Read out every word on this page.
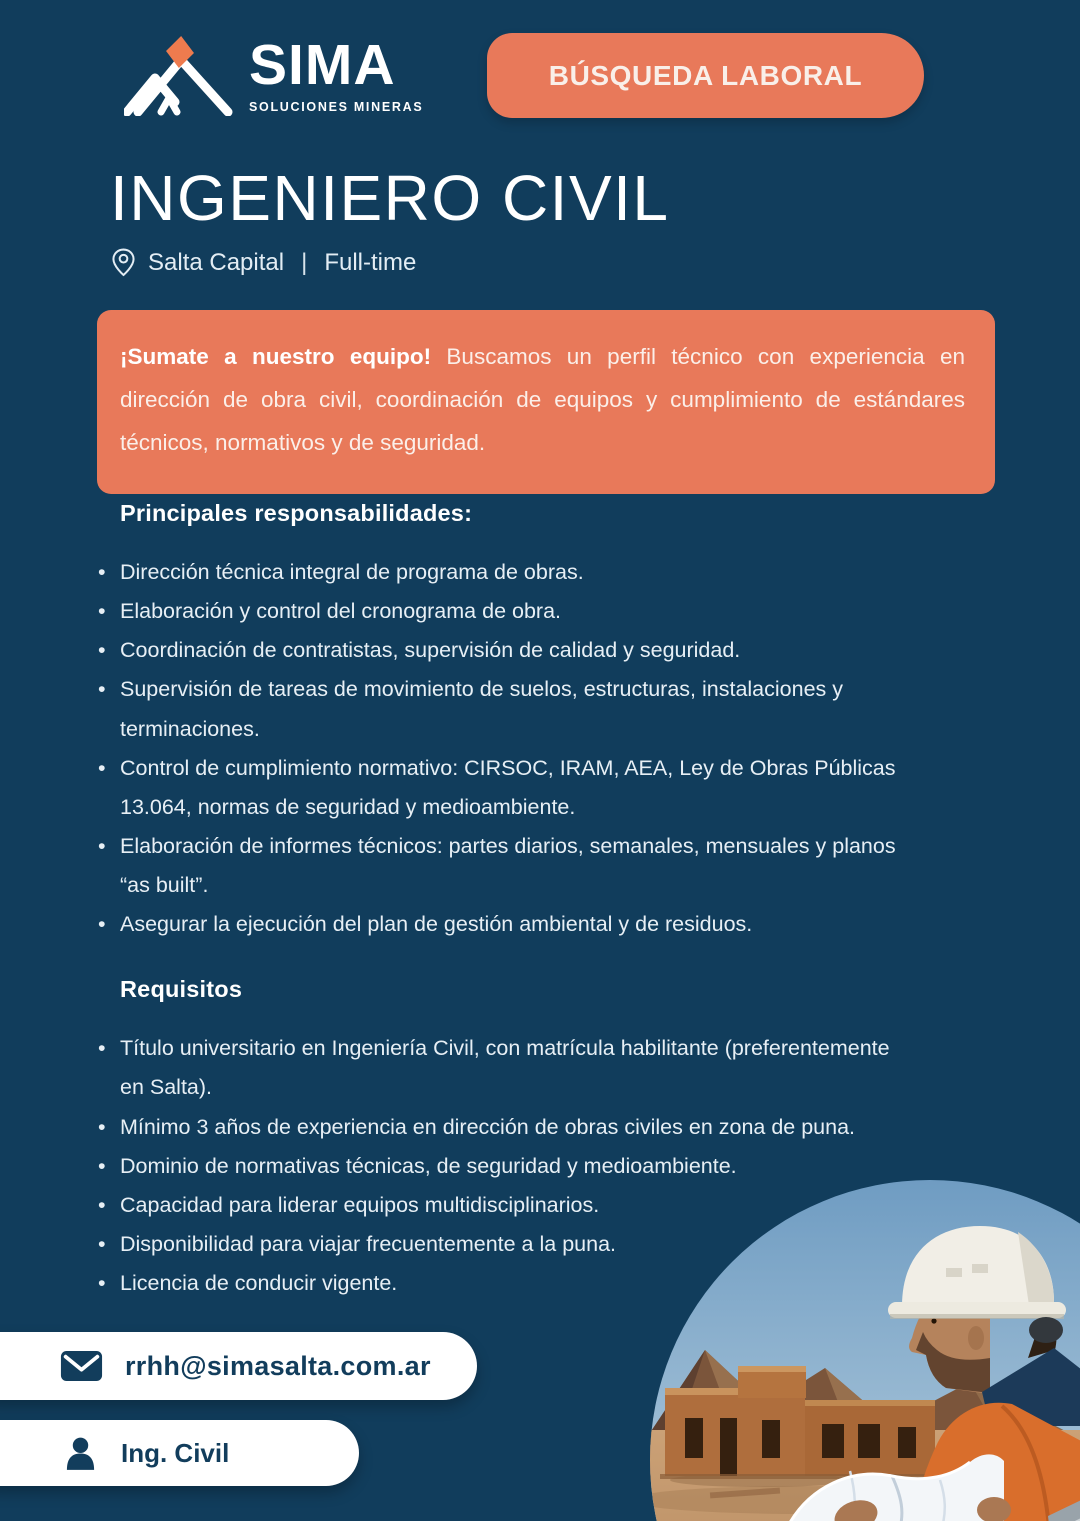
SIMA
SOLUCIONES MINERAS
BÚSQUEDA LABORAL
INGENIERO CIVIL
Salta Capital | Full-time
¡Sumate a nuestro equipo! Buscamos un perfil técnico con experiencia en dirección de obra civil, coordinación de equipos y cumplimiento de estándares técnicos, normativos y de seguridad.
Principales responsabilidades:
• Dirección técnica integral de programa de obras.
• Elaboración y control del cronograma de obra.
• Coordinación de contratistas, supervisión de calidad y seguridad.
• Supervisión de tareas de movimiento de suelos, estructuras, instalaciones y terminaciones.
• Control de cumplimiento normativo: CIRSOC, IRAM, AEA, Ley de Obras Públicas 13.064, normas de seguridad y medioambiente.
• Elaboración de informes técnicos: partes diarios, semanales, mensuales y planos “as built”.
• Asegurar la ejecución del plan de gestión ambiental y de residuos.
Requisitos
• Título universitario en Ingeniería Civil, con matrícula habilitante (preferentemente en Salta).
• Mínimo 3 años de experiencia en dirección de obras civiles en zona de puna.
• Dominio de normativas técnicas, de seguridad y medioambiente.
• Capacidad para liderar equipos multidisciplinarios.
• Disponibilidad para viajar frecuentemente a la puna.
• Licencia de conducir vigente.
rrhh@simasalta.com.ar
Ing. Civil
